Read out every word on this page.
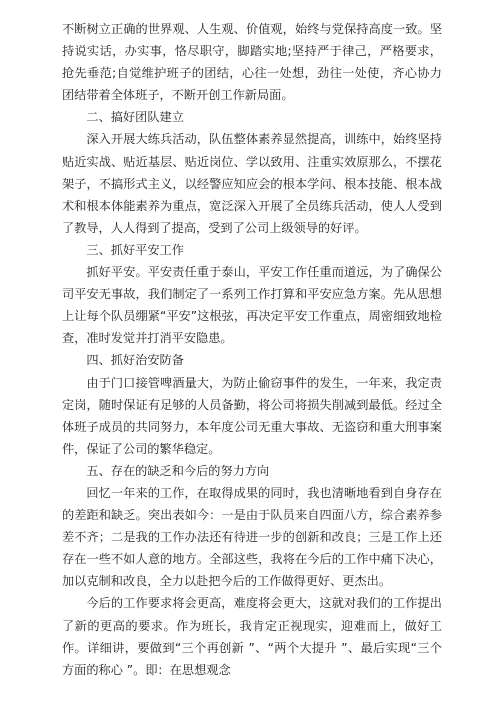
不断树立正确的世界观、人生观、价值观，始终与党保持高度一致。坚持说实话，办实事，恪尽职守，脚踏实地;坚持严于律己，严格要求，抢先垂范;自觉维护班子的团结，心往一处想，劲往一处使，齐心协力团结带着全体班子，不断开创工作新局面。

二、搞好团队建立

深入开展大练兵活动，队伍整体素养显然提高，训练中，始终坚持贴近实战、贴近基层、贴近岗位、学以致用、注重实效原那么，不摆花架子，不搞形式主义，以经警应知应会的根本学问、根本技能、根本战术和根本体能素养为重点，宽泛深入开展了全员练兵活动，使人人受到了教导，人人得到了提高，受到了公司上级领导的好评。

三、抓好平安工作

抓好平安。平安责任重于泰山，平安工作任重而道远，为了确保公司平安无事故，我们制定了一系列工作打算和平安应急方案。先从思想上让每个队员绷紧“平安”这根弦，再决定平安工作重点，周密细致地检查，准时发觉并打消平安隐患。

四、抓好治安防备

由于门口接管啤酒量大，为防止偷窃事件的发生，一年来，我定责定岗，随时保证有足够的人员备勤，将公司将损失削减到最低。经过全体班子成员的共同努力，本年度公司无重大事故、无盗窃和重大刑事案件，保证了公司的繁华稳定。

五、存在的缺乏和今后的努力方向

回忆一年来的工作，在取得成果的同时，我也清晰地看到自身存在的差距和缺乏。突出表如今：一是由于队员来自四面八方，综合素养参差不齐；二是我的工作办法还有待进一步的创新和改良；三是工作上还存在一些不如人意的地方。全部这些，我将在今后的工作中痛下决心，加以克制和改良，全力以赴把今后的工作做得更好、更杰出。

今后的工作要求将会更高，难度将会更大，这就对我们的工作提出了新的更高的要求。作为班长，我肯定正视现实，迎难而上，做好工作。详细讲，要做到“三个再创新 ”、“两个大提升 ”、最后实现“三个方面的称心 ”。即：在思想观念
